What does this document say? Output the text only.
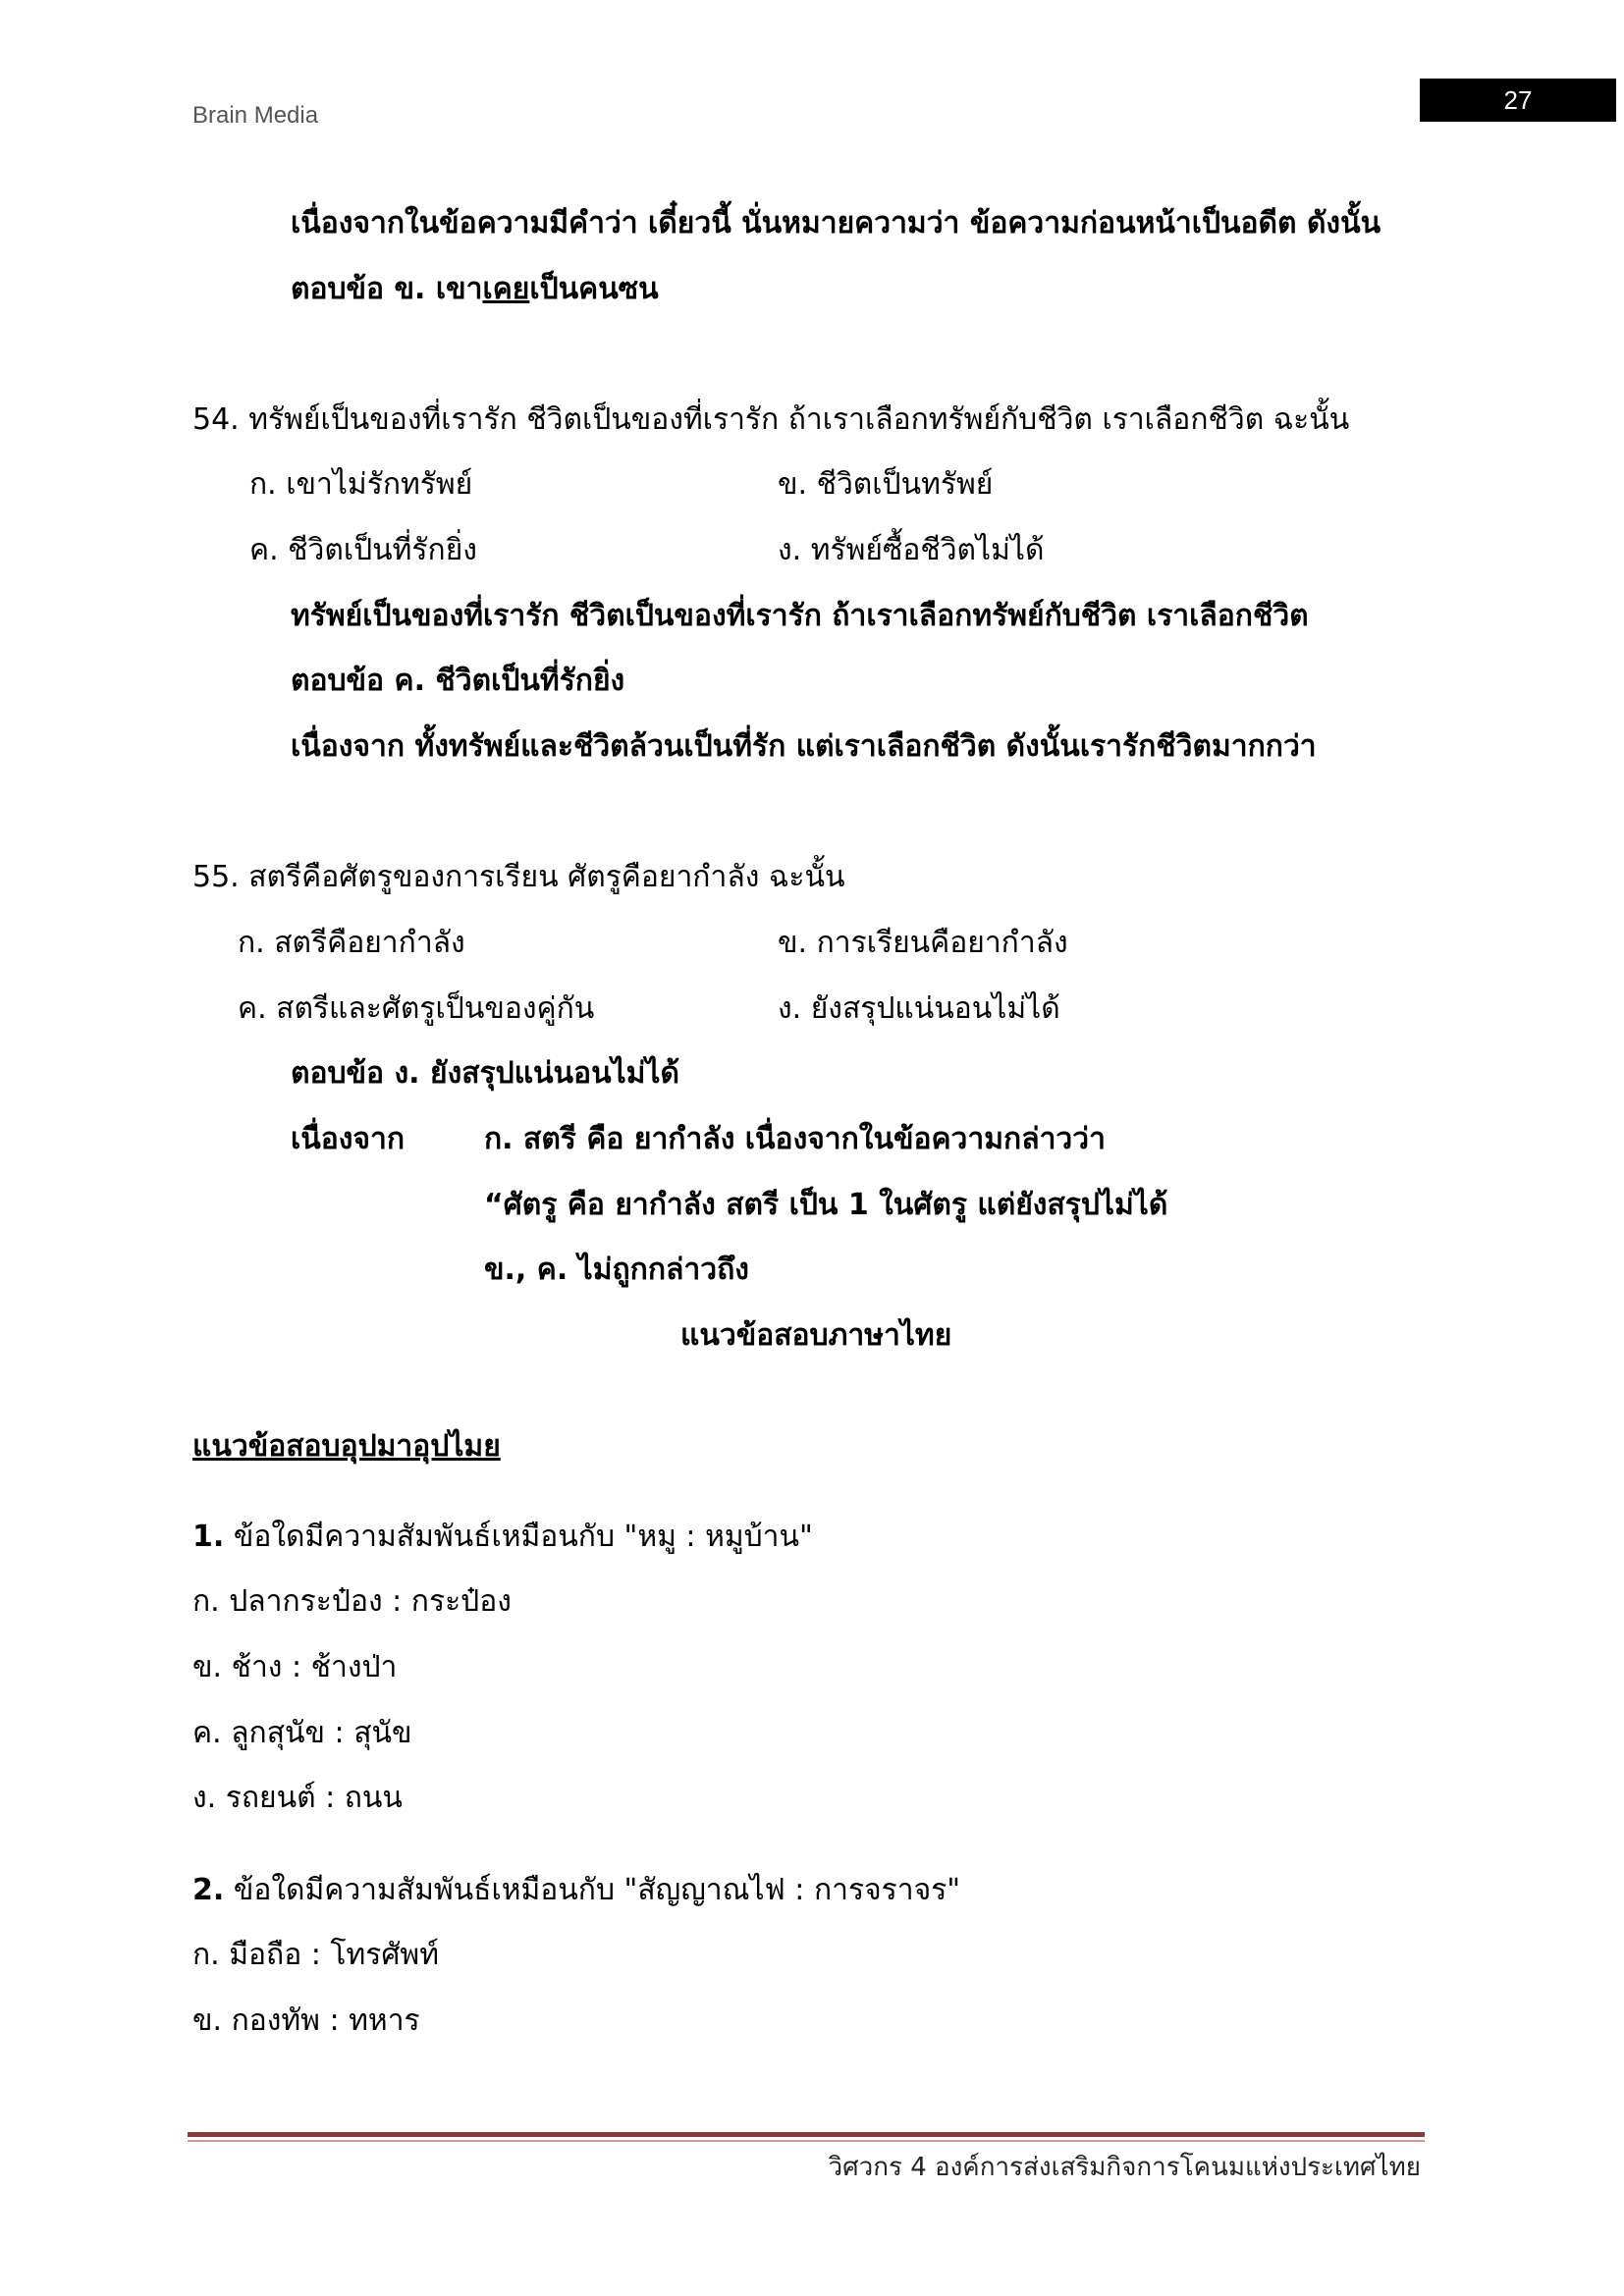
Brain Media
27
เนื่องจากในข้อความมีคำว่า เดี๋ยวนี้ นั่นหมายความว่า ข้อความก่อนหน้าเป็นอดีต ดังนั้น
ตอบข้อ ข. เขาเคยเป็นคนซน
54. ทรัพย์เป็นของที่เรารัก ชีวิตเป็นของที่เรารัก ถ้าเราเลือกทรัพย์กับชีวิต เราเลือกชีวิต ฉะนั้น
ก. เขาไม่รักทรัพย์	ข. ชีวิตเป็นทรัพย์
ค. ชีวิตเป็นที่รักยิ่ง	ง. ทรัพย์ซื้อชีวิตไม่ได้
ทรัพย์เป็นของที่เรารัก ชีวิตเป็นของที่เรารัก ถ้าเราเลือกทรัพย์กับชีวิต เราเลือกชีวิต
ตอบข้อ ค. ชีวิตเป็นที่รักยิ่ง
เนื่องจาก ทั้งทรัพย์และชีวิตล้วนเป็นที่รัก แต่เราเลือกชีวิต ดังนั้นเรารักชีวิตมากกว่า
55. สตรีคือศัตรูของการเรียน ศัตรูคือยากำลัง ฉะนั้น
ก. สตรีคือยากำลัง	ข. การเรียนคือยากำลัง
ค. สตรีและศัตรูเป็นของคู่กัน	ง. ยังสรุปแน่นอนไม่ได้
ตอบข้อ ง. ยังสรุปแน่นอนไม่ได้
เนื่องจาก	ก. สตรี คือ ยากำลัง เนื่องจากในข้อความกล่าวว่า
“ศัตรู คือ ยากำลัง สตรี เป็น 1 ในศัตรู แต่ยังสรุปไม่ได้
ข., ค. ไม่ถูกกล่าวถึง
แนวข้อสอบภาษาไทย
แนวข้อสอบอุปมาอุปไมย
1. ข้อใดมีความสัมพันธ์เหมือนกับ "หมู : หมูบ้าน"
ก. ปลากระป๋อง : กระป๋อง
ข. ช้าง : ช้างป่า
ค. ลูกสุนัข : สุนัข
ง. รถยนต์ : ถนน
2. ข้อใดมีความสัมพันธ์เหมือนกับ "สัญญาณไฟ : การจราจร"
ก. มือถือ : โทรศัพท์
ข. กองทัพ : ทหาร
วิศวกร 4 องค์การส่งเสริมกิจการโคนมแห่งประเทศไทย
